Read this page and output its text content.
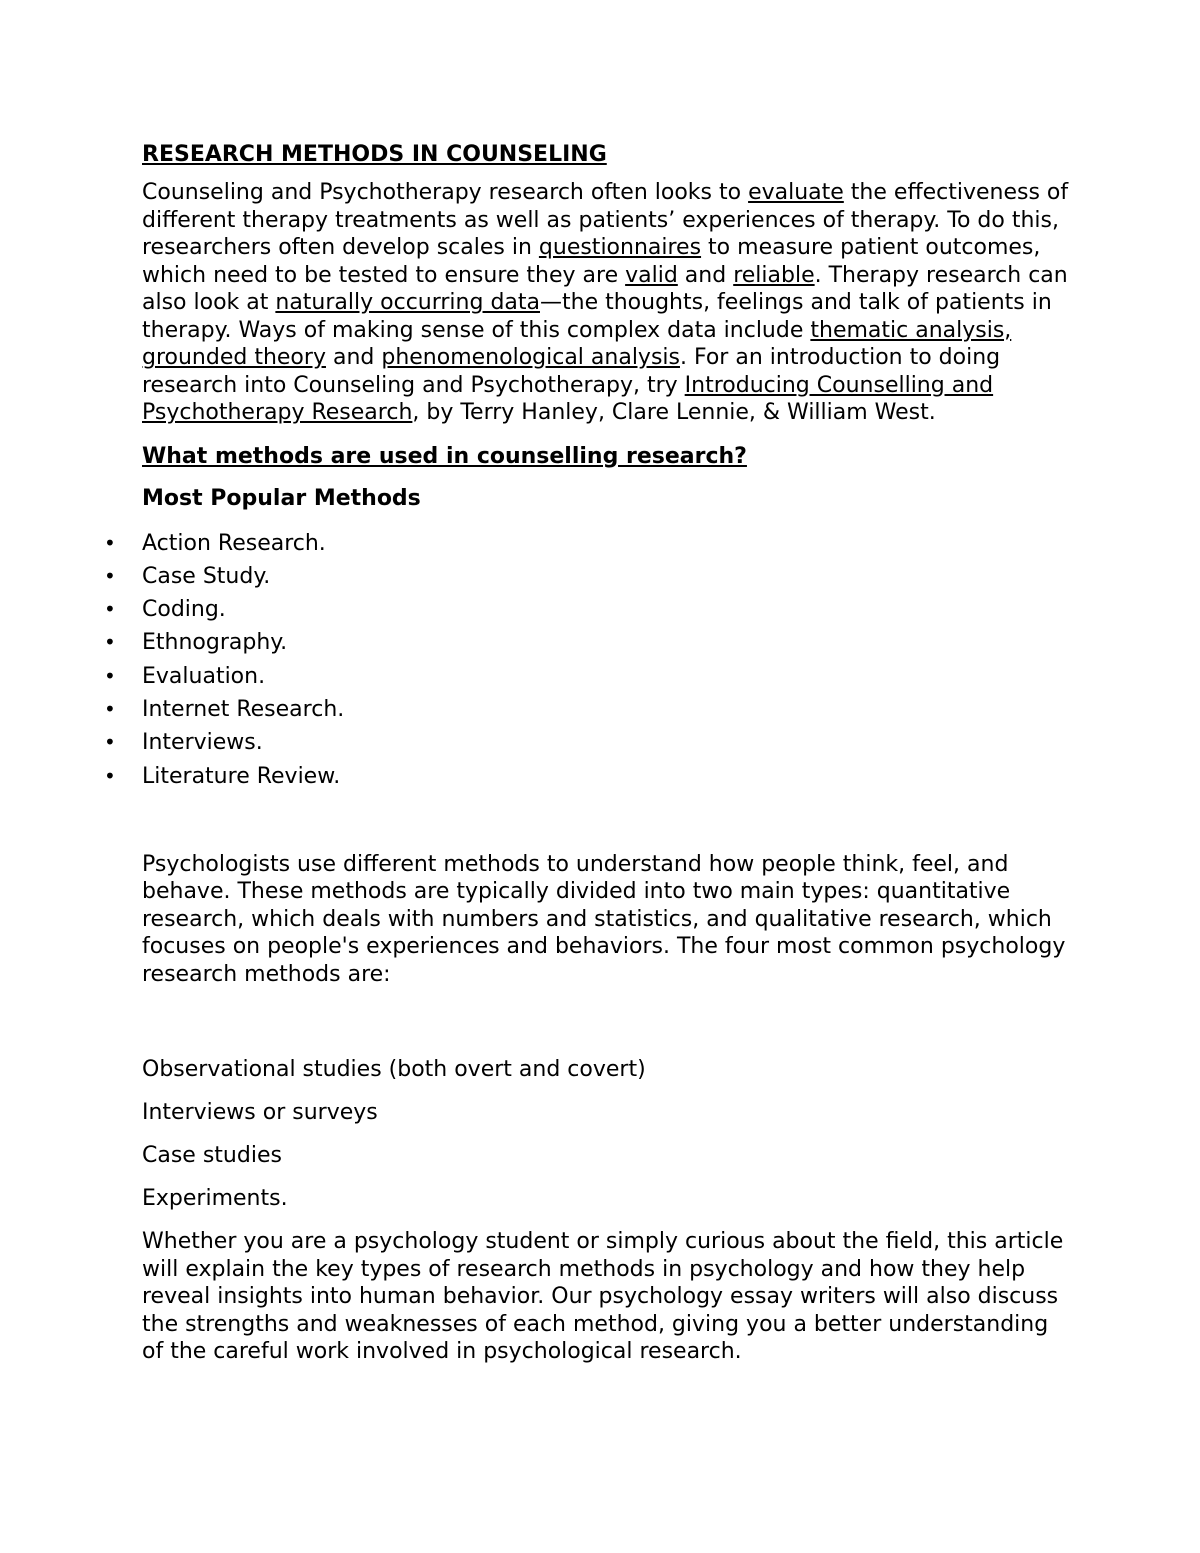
RESEARCH METHODS IN COUNSELING

Counseling and Psychotherapy research often looks to evaluate the effectiveness of different therapy treatments as well as patients’ experiences of therapy. To do this, researchers often develop scales in questionnaires to measure patient outcomes, which need to be tested to ensure they are valid and reliable. Therapy research can also look at naturally occurring data—the thoughts, feelings and talk of patients in therapy. Ways of making sense of this complex data include thematic analysis, grounded theory and phenomenological analysis. For an introduction to doing research into Counseling and Psychotherapy, try Introducing Counselling and Psychotherapy Research, by Terry Hanley, Clare Lennie, & William West.

What methods are used in counselling research?

Most Popular Methods

• Action Research.
• Case Study.
• Coding.
• Ethnography.
• Evaluation.
• Internet Research.
• Interviews.
• Literature Review.

Psychologists use different methods to understand how people think, feel, and behave. These methods are typically divided into two main types: quantitative research, which deals with numbers and statistics, and qualitative research, which focuses on people's experiences and behaviors. The four most common psychology research methods are:

Observational studies (both overt and covert)
Interviews or surveys
Case studies
Experiments.

Whether you are a psychology student or simply curious about the field, this article will explain the key types of research methods in psychology and how they help reveal insights into human behavior. Our psychology essay writers will also discuss the strengths and weaknesses of each method, giving you a better understanding of the careful work involved in psychological research.
